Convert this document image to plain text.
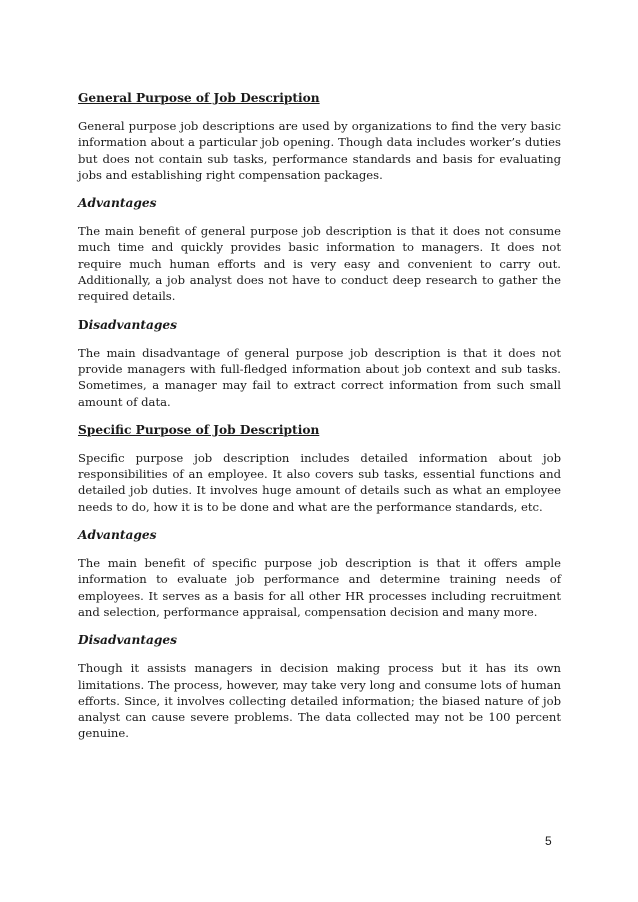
General Purpose of Job Description

General purpose job descriptions are used by organizations to find the very basic information about a particular job opening. Though data includes worker’s duties but does not contain sub tasks, performance standards and basis for evaluating jobs and establishing right compensation packages.

Advantages

The main benefit of general purpose job description is that it does not consume much time and quickly provides basic information to managers. It does not require much human efforts and is very easy and convenient to carry out. Additionally, a job analyst does not have to conduct deep research to gather the required details.

Disadvantages

The main disadvantage of general purpose job description is that it does not provide managers with full-fledged information about job context and sub tasks. Sometimes, a manager may fail to extract correct information from such small amount of data.

Specific Purpose of Job Description

Specific purpose job description includes detailed information about job responsibilities of an employee. It also covers sub tasks, essential functions and detailed job duties. It involves huge amount of details such as what an employee needs to do, how it is to be done and what are the performance standards, etc.

Advantages

The main benefit of specific purpose job description is that it offers ample information to evaluate job performance and determine training needs of employees. It serves as a basis for all other HR processes including recruitment and selection, performance appraisal, compensation decision and many more.

Disadvantages

Though it assists managers in decision making process but it has its own limitations. The process, however, may take very long and consume lots of human efforts. Since, it involves collecting detailed information; the biased nature of job analyst can cause severe problems. The data collected may not be 100 percent genuine.

5
